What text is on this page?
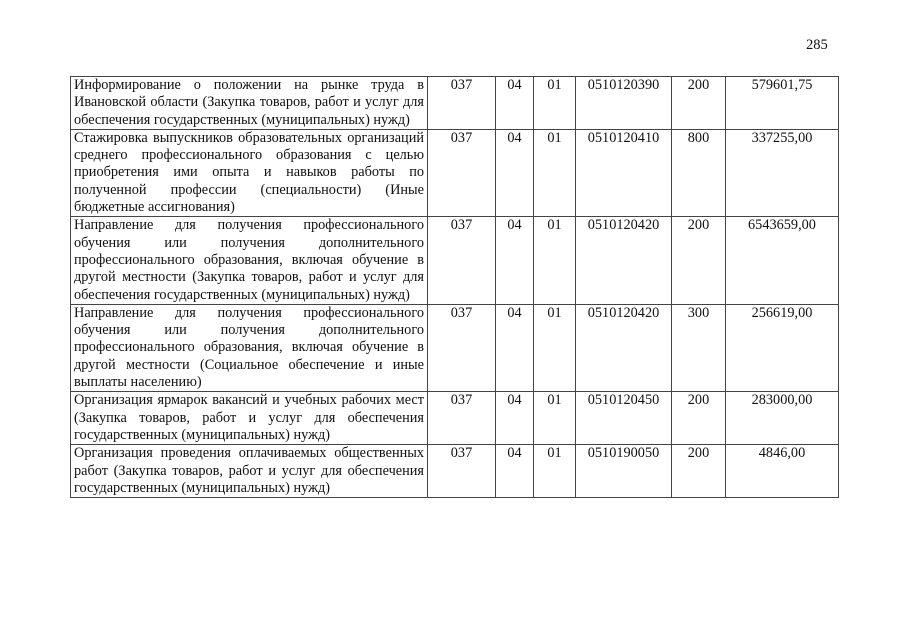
285
Информирование о положении на рынке труда в Ивановской области (Закупка товаров, работ и услуг для обеспечения государственных (муниципальных) нужд)	037	04	01	0510120390	200	579601,75
Стажировка выпускников образовательных организаций среднего профессионального образования с целью приобретения ими опыта и навыков работы по полученной профессии (специальности) (Иные бюджетные ассигнования)	037	04	01	0510120410	800	337255,00
Направление для получения профессионального обучения или получения дополнительного профессионального образования, включая обучение в другой местности (Закупка товаров, работ и услуг для обеспечения государственных (муниципальных) нужд)	037	04	01	0510120420	200	6543659,00
Направление для получения профессионального обучения или получения дополнительного профессионального образования, включая обучение в другой местности (Социальное обеспечение и иные выплаты населению)	037	04	01	0510120420	300	256619,00
Организация ярмарок вакансий и учебных рабочих мест (Закупка товаров, работ и услуг для обеспечения государственных (муниципальных) нужд)	037	04	01	0510120450	200	283000,00
Организация проведения оплачиваемых общественных работ (Закупка товаров, работ и услуг для обеспечения государственных (муниципальных) нужд)	037	04	01	0510190050	200	4846,00
